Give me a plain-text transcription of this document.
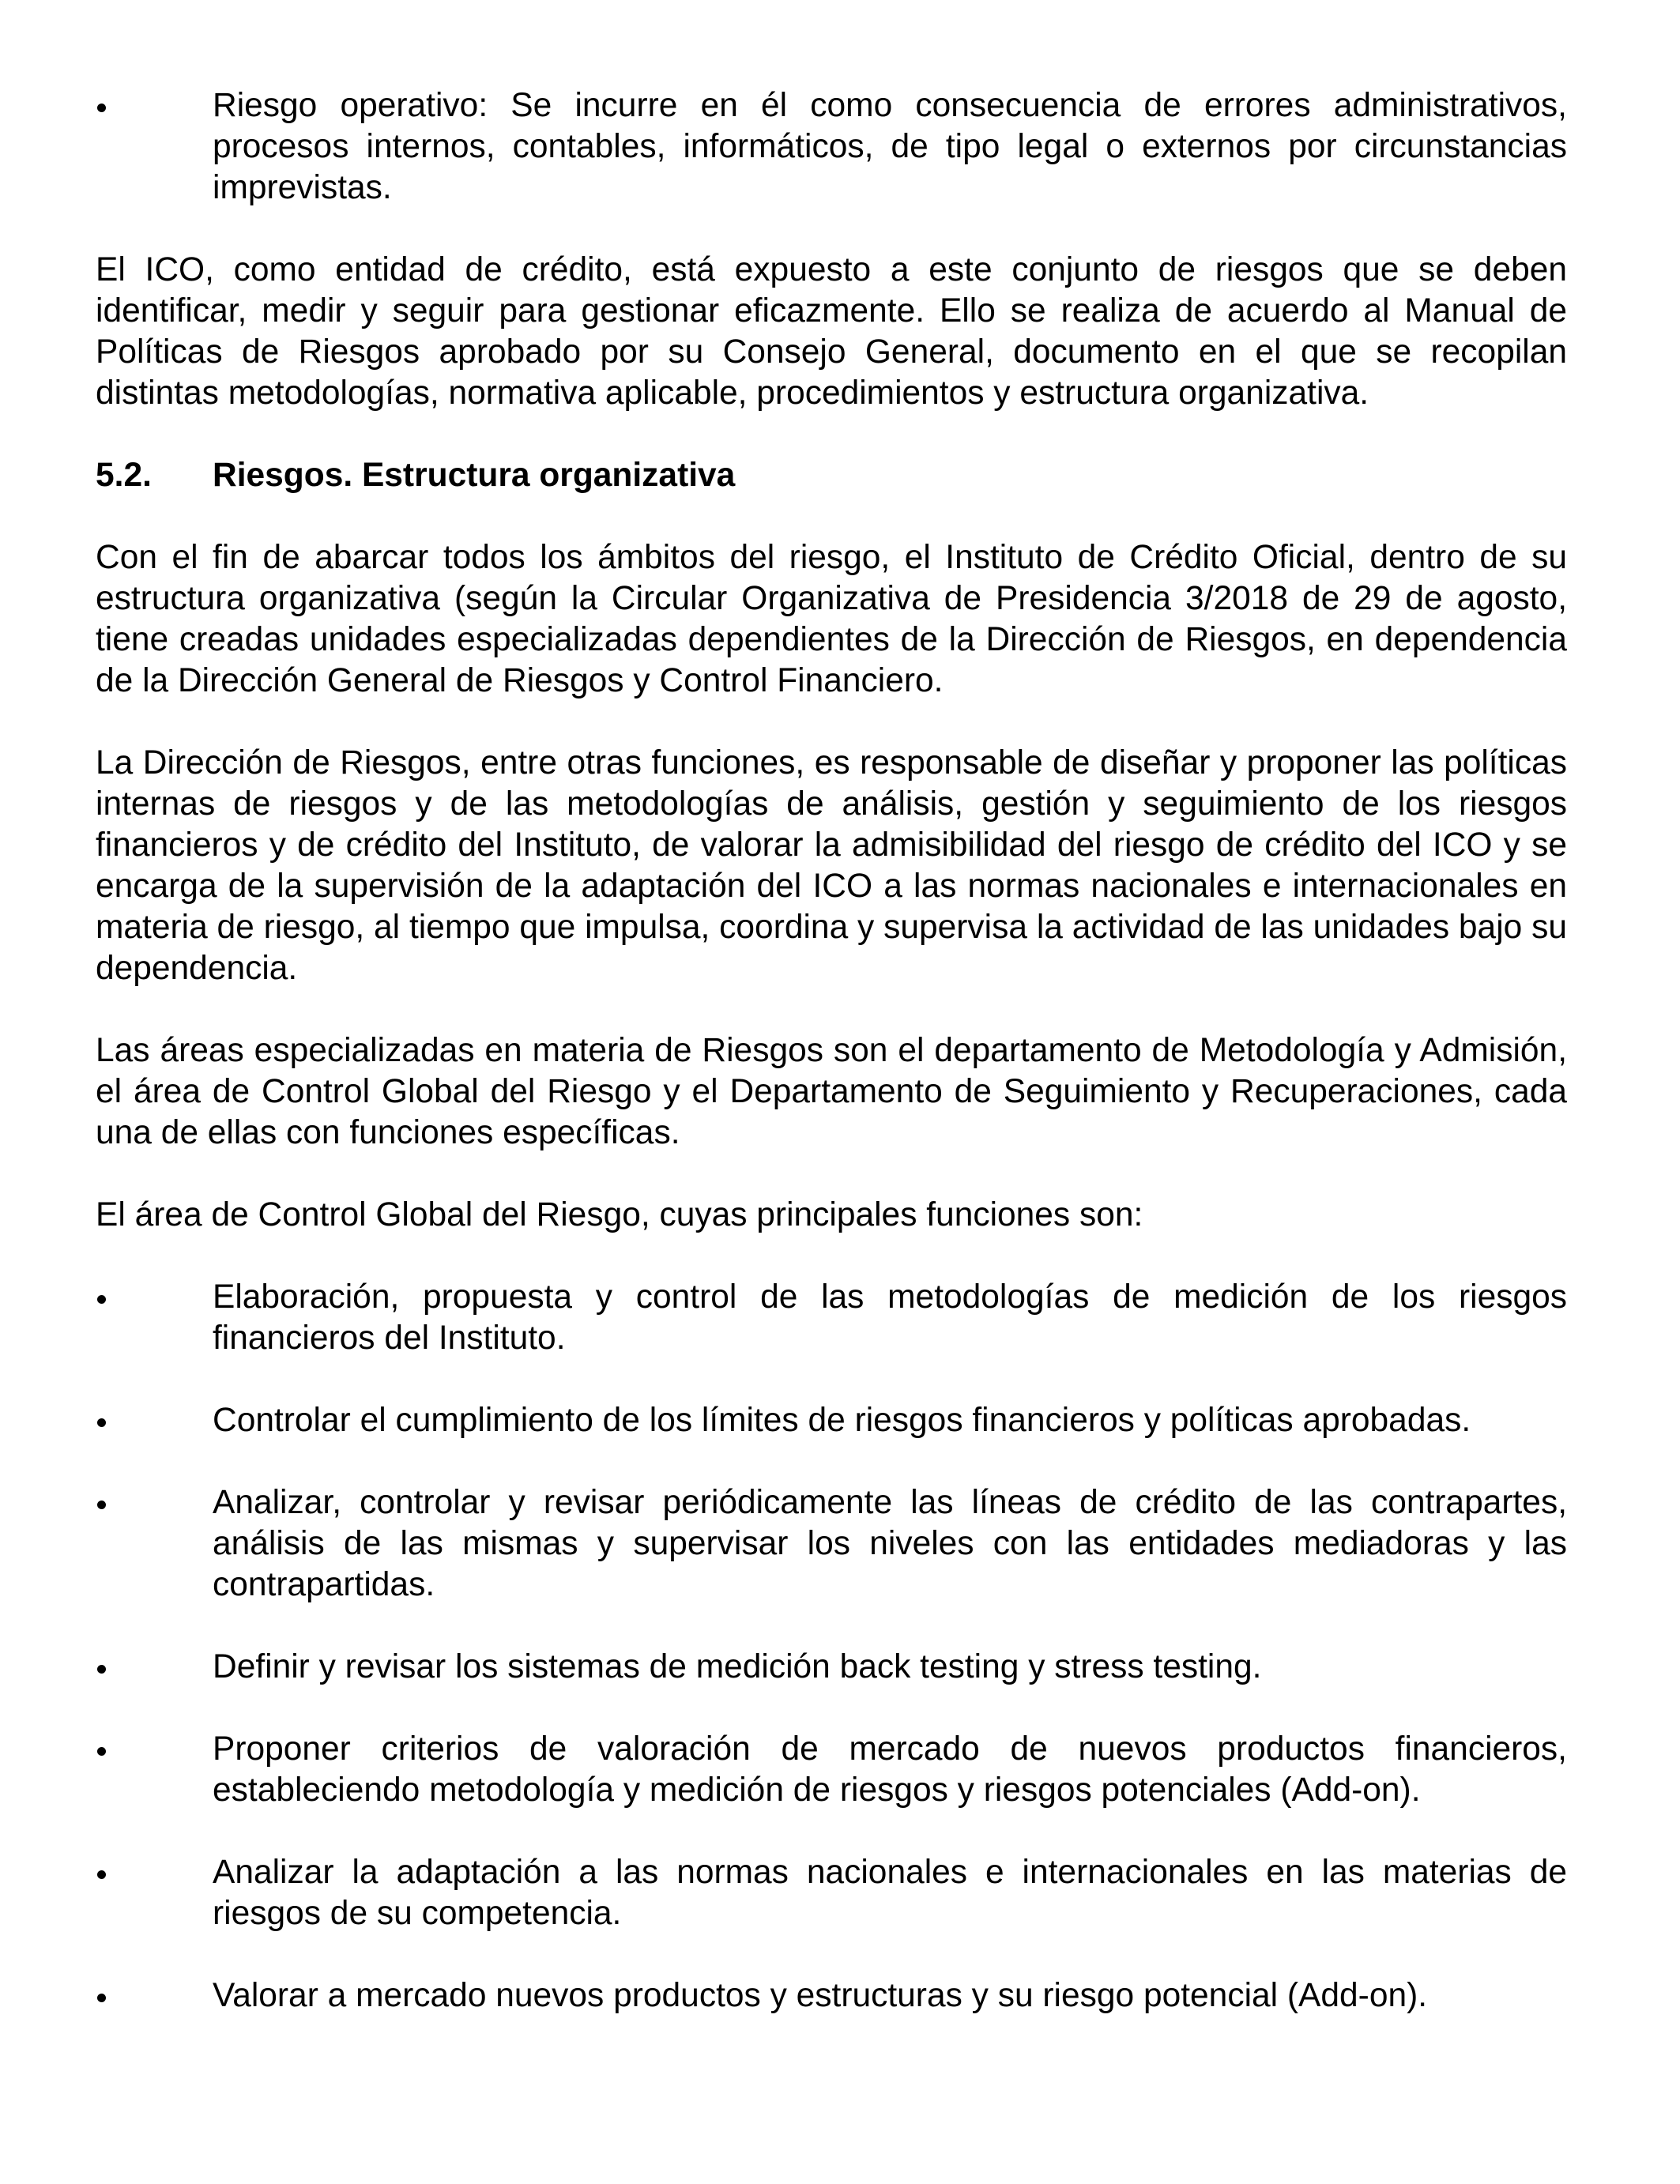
Riesgo operativo: Se incurre en él como consecuencia de errores administrativos, procesos internos, contables, informáticos, de tipo legal o externos por circunstancias imprevistas.

El ICO, como entidad de crédito, está expuesto a este conjunto de riesgos que se deben identificar, medir y seguir para gestionar eficazmente. Ello se realiza de acuerdo al Manual de Políticas de Riesgos aprobado por su Consejo General, documento en el que se recopilan distintas metodologías, normativa aplicable, procedimientos y estructura organizativa.

5.2.	Riesgos. Estructura organizativa

Con el fin de abarcar todos los ámbitos del riesgo, el Instituto de Crédito Oficial, dentro de su estructura organizativa (según la Circular Organizativa de Presidencia 3/2018 de 29 de agosto, tiene creadas unidades especializadas dependientes de la Dirección de Riesgos, en dependencia de la Dirección General de Riesgos y Control Financiero.

La Dirección de Riesgos, entre otras funciones, es responsable de diseñar y proponer las políticas internas de riesgos y de las metodologías de análisis, gestión y seguimiento de los riesgos financieros y de crédito del Instituto, de valorar la admisibilidad del riesgo de crédito del ICO y se encarga de la supervisión de la adaptación del ICO a las normas nacionales e internacionales en materia de riesgo, al tiempo que impulsa, coordina y supervisa la actividad de las unidades bajo su dependencia.

Las áreas especializadas en materia de Riesgos son el departamento de Metodología y Admisión, el área de Control Global del Riesgo y el Departamento de Seguimiento y Recuperaciones, cada una de ellas con funciones específicas.

El área de Control Global del Riesgo, cuyas principales funciones son:

Elaboración, propuesta y control de las metodologías de medición de los riesgos financieros del Instituto.
Controlar el cumplimiento de los límites de riesgos financieros y políticas aprobadas.
Analizar, controlar y revisar periódicamente las líneas de crédito de las contrapartes, análisis de las mismas y supervisar los niveles con las entidades mediadoras y las contrapartidas.
Definir y revisar los sistemas de medición back testing y stress testing.
Proponer criterios de valoración de mercado de nuevos productos financieros, estableciendo metodología y medición de riesgos y riesgos potenciales (Add-on).
Analizar la adaptación a las normas nacionales e internacionales en las materias de riesgos de su competencia.
Valorar a mercado nuevos productos y estructuras y su riesgo potencial (Add-on).
